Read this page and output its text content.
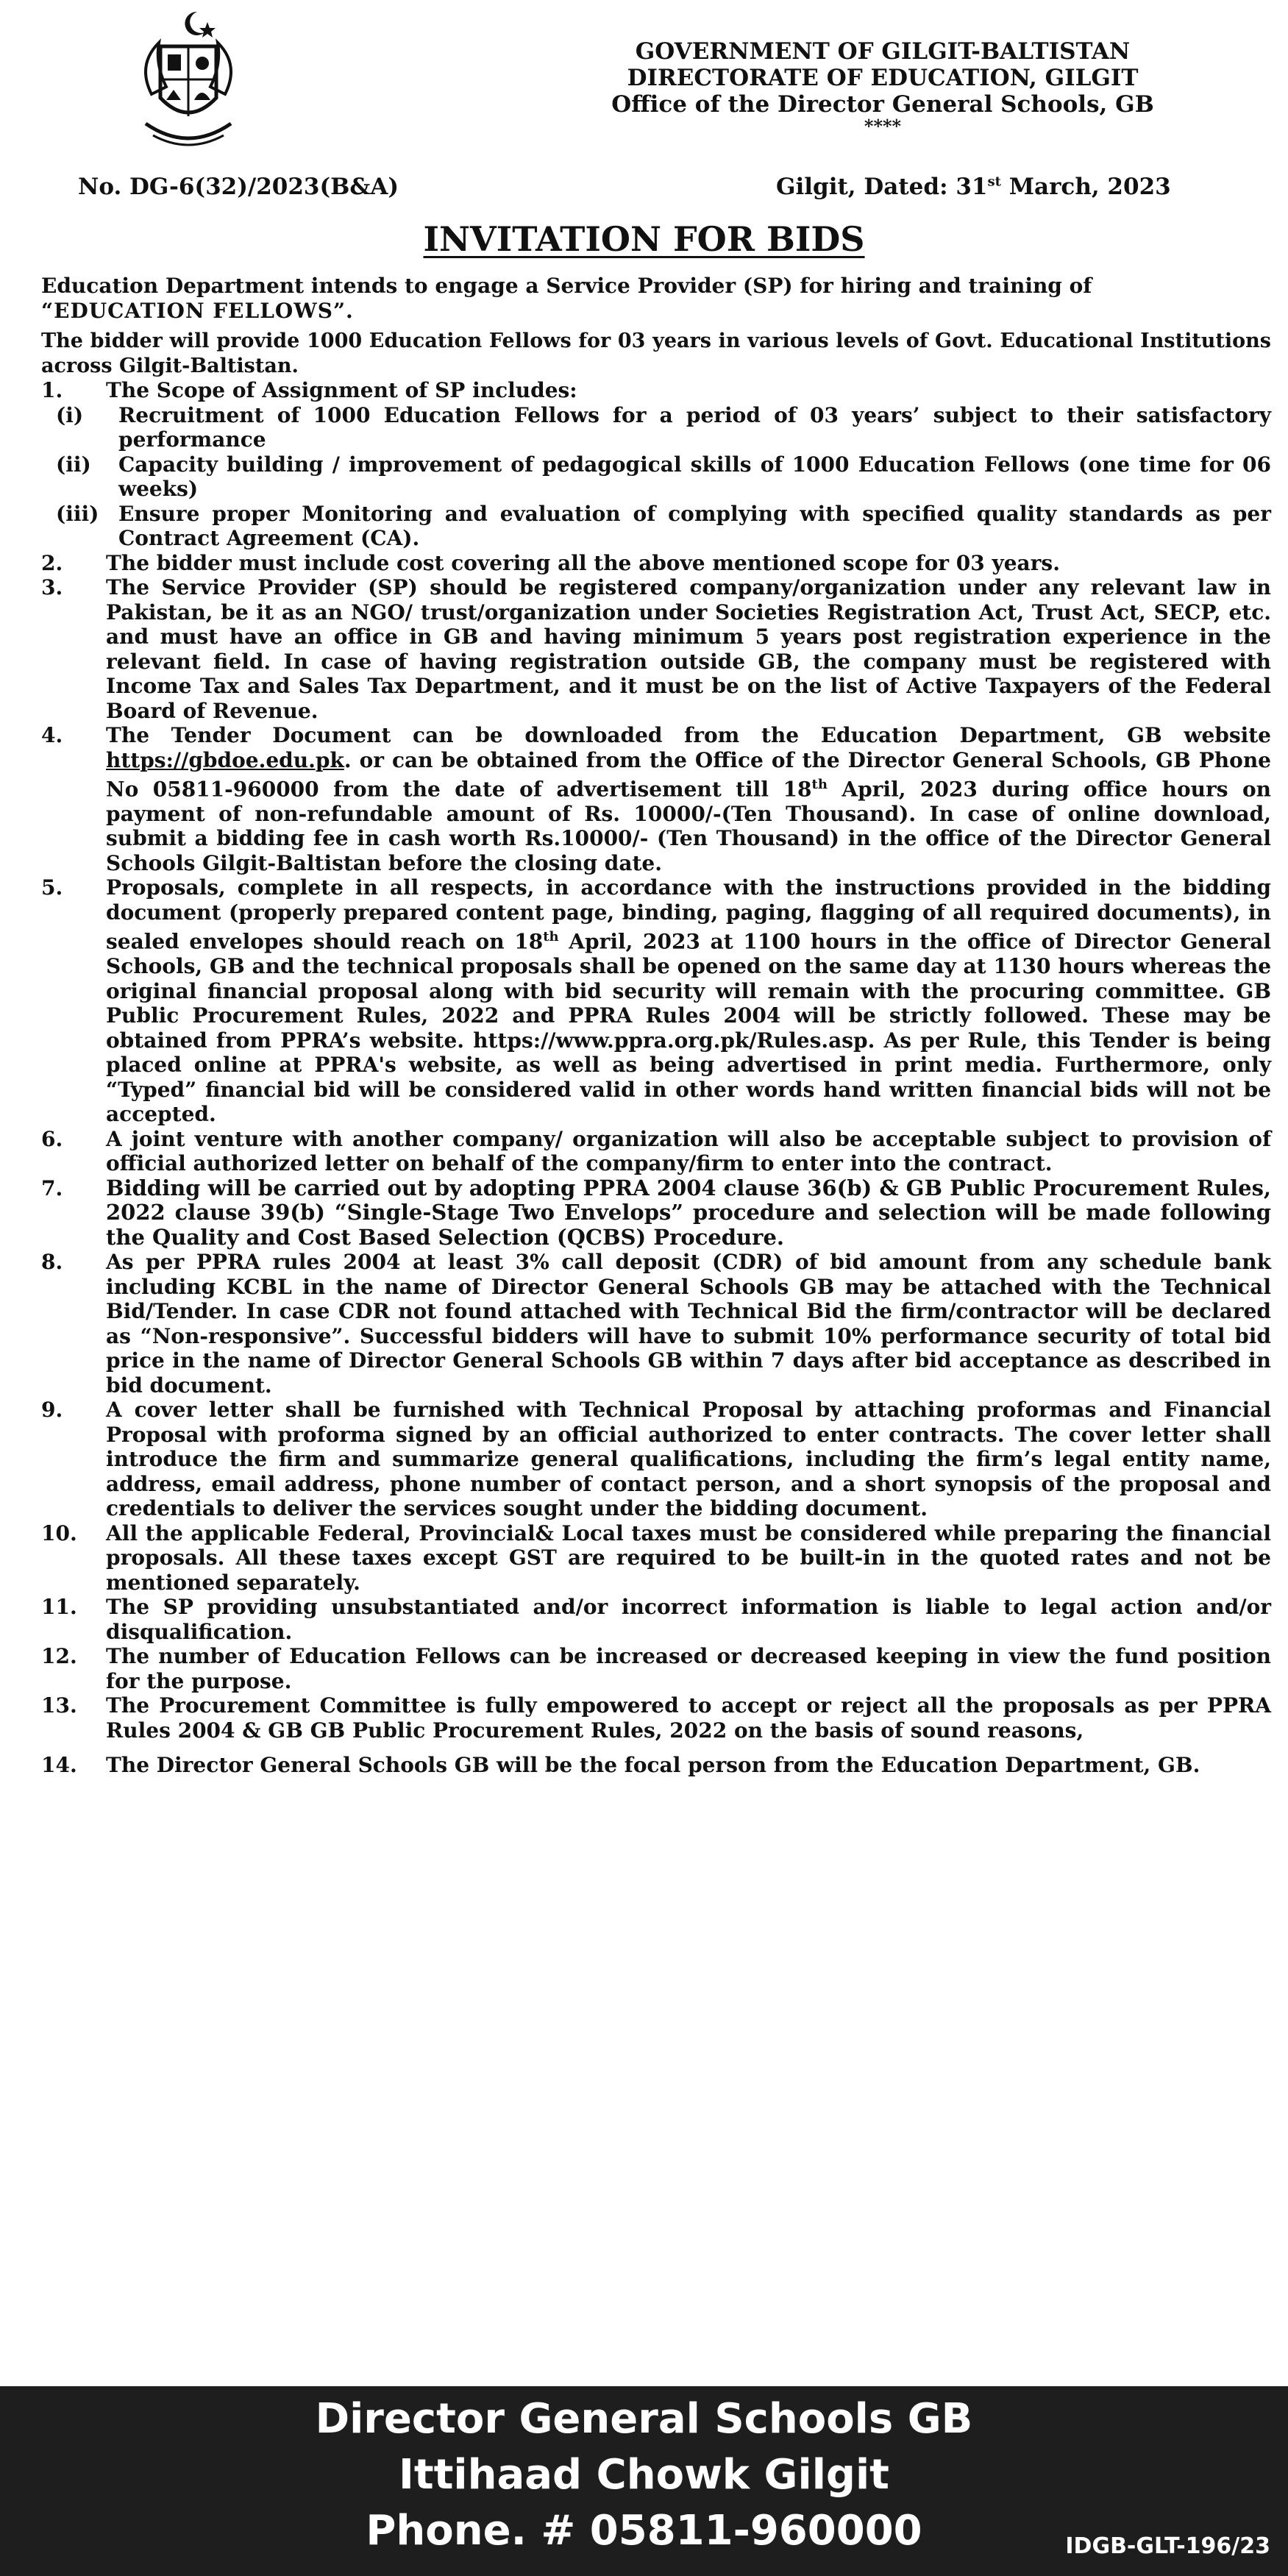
GOVERNMENT OF GILGIT-BALTISTAN
DIRECTORATE OF EDUCATION, GILGIT
Office of the Director General Schools, GB
****
No. DG-6(32)/2023(B&A)	Gilgit, Dated: 31st March, 2023
INVITATION FOR BIDS

Education Department intends to engage a Service Provider (SP) for hiring and training of
“EDUCATION FELLOWS”.

The bidder will provide 1000 Education Fellows for 03 years in various levels of Govt. Educational Institutions across Gilgit-Baltistan.

1.	The Scope of Assignment of SP includes:
(i)	Recruitment of 1000 Education Fellows for a period of 03 years’ subject to their satisfactory performance
(ii)	Capacity building / improvement of pedagogical skills of 1000 Education Fellows (one time for 06 weeks)
(iii) Ensure proper Monitoring and evaluation of complying with specified quality standards as per Contract Agreement (CA).
2.	The bidder must include cost covering all the above mentioned scope for 03 years.
3.	The Service Provider (SP) should be registered company/organization under any relevant law in Pakistan, be it as an NGO/ trust/organization under Societies Registration Act, Trust Act, SECP, etc. and must have an office in GB and having minimum 5 years post registration experience in the relevant field. In case of having registration outside GB, the company must be registered with Income Tax and Sales Tax Department, and it must be on the list of Active Taxpayers of the Federal Board of Revenue.
4.	The Tender Document can be downloaded from the Education Department, GB website https://gbdoe.edu.pk. or can be obtained from the Office of the Director General Schools, GB Phone No 05811-960000 from the date of advertisement till 18th April, 2023 during office hours on payment of non-refundable amount of Rs. 10000/-(Ten Thousand). In case of online download, submit a bidding fee in cash worth Rs.10000/- (Ten Thousand) in the office of the Director General Schools Gilgit-Baltistan before the closing date.
5.	Proposals, complete in all respects, in accordance with the instructions provided in the bidding document (properly prepared content page, binding, paging, flagging of all required documents), in sealed envelopes should reach on 18th April, 2023 at 1100 hours in the office of Director General Schools, GB and the technical proposals shall be opened on the same day at 1130 hours whereas the original financial proposal along with bid security will remain with the procuring committee. GB Public Procurement Rules, 2022 and PPRA Rules 2004 will be strictly followed. These may be obtained from PPRA’s website. https://www.ppra.org.pk/Rules.asp. As per Rule, this Tender is being placed online at PPRA's website, as well as being advertised in print media. Furthermore, only “Typed” financial bid will be considered valid in other words hand written financial bids will not be accepted.
6.	A joint venture with another company/ organization will also be acceptable subject to provision of official authorized letter on behalf of the company/firm to enter into the contract.
7.	Bidding will be carried out by adopting PPRA 2004 clause 36(b) & GB Public Procurement Rules, 2022 clause 39(b) “Single-Stage Two Envelops” procedure and selection will be made following the Quality and Cost Based Selection (QCBS) Procedure.
8.	As per PPRA rules 2004 at least 3% call deposit (CDR) of bid amount from any schedule bank including KCBL in the name of Director General Schools GB may be attached with the Technical Bid/Tender. In case CDR not found attached with Technical Bid the firm/contractor will be declared as “Non-responsive”. Successful bidders will have to submit 10% performance security of total bid price in the name of Director General Schools GB within 7 days after bid acceptance as described in bid document.
9.	A cover letter shall be furnished with Technical Proposal by attaching proformas and Financial Proposal with proforma signed by an official authorized to enter contracts. The cover letter shall introduce the firm and summarize general qualifications, including the firm’s legal entity name, address, email address, phone number of contact person, and a short synopsis of the proposal and credentials to deliver the services sought under the bidding document.
10.	All the applicable Federal, Provincial& Local taxes must be considered while preparing the financial proposals. All these taxes except GST are required to be built-in in the quoted rates and not be mentioned separately.
11.	The SP providing unsubstantiated and/or incorrect information is liable to legal action and/or disqualification.
12.	The number of Education Fellows can be increased or decreased keeping in view the fund position for the purpose.
13.	The Procurement Committee is fully empowered to accept or reject all the proposals as per PPRA Rules 2004 & GB GB Public Procurement Rules, 2022 on the basis of sound reasons,
14.	The Director General Schools GB will be the focal person from the Education Department, GB.
Director General Schools GB
Ittihaad Chowk Gilgit
Phone. # 05811-960000	IDGB-GLT-196/23
